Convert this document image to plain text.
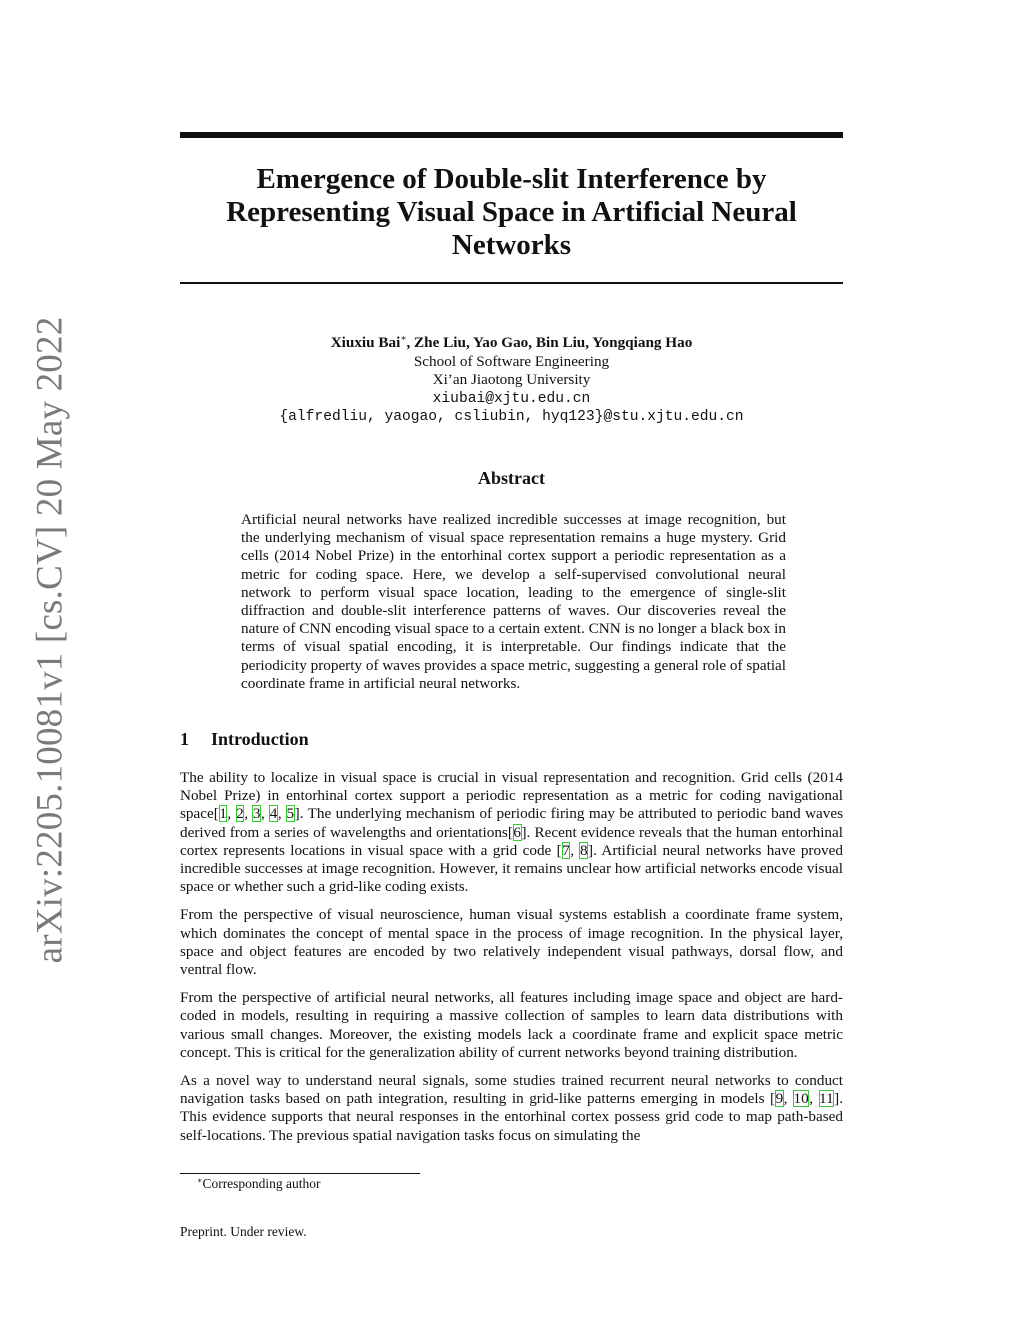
arXiv:2205.10081v1 [cs.CV] 20 May 2022
Emergence of Double-slit Interference by Representing Visual Space in Artificial Neural Networks
Xiuxiu Bai∗, Zhe Liu, Yao Gao, Bin Liu, Yongqiang Hao
School of Software Engineering
Xi’an Jiaotong University
xiubai@xjtu.edu.cn
{alfredliu, yaogao, csliubin, hyq123}@stu.xjtu.edu.cn
Abstract
Artificial neural networks have realized incredible successes at image recognition, but the underlying mechanism of visual space representation remains a huge mystery. Grid cells (2014 Nobel Prize) in the entorhinal cortex support a periodic representation as a metric for coding space. Here, we develop a self-supervised convolutional neural network to perform visual space location, leading to the emergence of single-slit diffraction and double-slit interference patterns of waves. Our discoveries reveal the nature of CNN encoding visual space to a certain extent. CNN is no longer a black box in terms of visual spatial encoding, it is interpretable. Our findings indicate that the periodicity property of waves provides a space metric, suggesting a general role of spatial coordinate frame in artificial neural networks.
1 Introduction

The ability to localize in visual space is crucial in visual representation and recognition. Grid cells (2014 Nobel Prize) in entorhinal cortex support a periodic representation as a metric for coding navigational space[1, 2, 3, 4, 5]. The underlying mechanism of periodic firing may be attributed to periodic band waves derived from a series of wavelengths and orientations[6]. Recent evidence reveals that the human entorhinal cortex represents locations in visual space with a grid code [7, 8]. Artificial neural networks have proved incredible successes at image recognition. However, it remains unclear how artificial networks encode visual space or whether such a grid-like coding exists.

From the perspective of visual neuroscience, human visual systems establish a coordinate frame system, which dominates the concept of mental space in the process of image recognition. In the physical layer, space and object features are encoded by two relatively independent visual pathways, dorsal flow, and ventral flow.

From the perspective of artificial neural networks, all features including image space and object are hard-coded in models, resulting in requiring a massive collection of samples to learn data distributions with various small changes. Moreover, the existing models lack a coordinate frame and explicit space metric concept. This is critical for the generalization ability of current networks beyond training distribution.

As a novel way to understand neural signals, some studies trained recurrent neural networks to conduct navigation tasks based on path integration, resulting in grid-like patterns emerging in models [9, 10, 11]. This evidence supports that neural responses in the entorhinal cortex possess grid code to map path-based self-locations. The previous spatial navigation tasks focus on simulating the

∗Corresponding author
Preprint. Under review.
